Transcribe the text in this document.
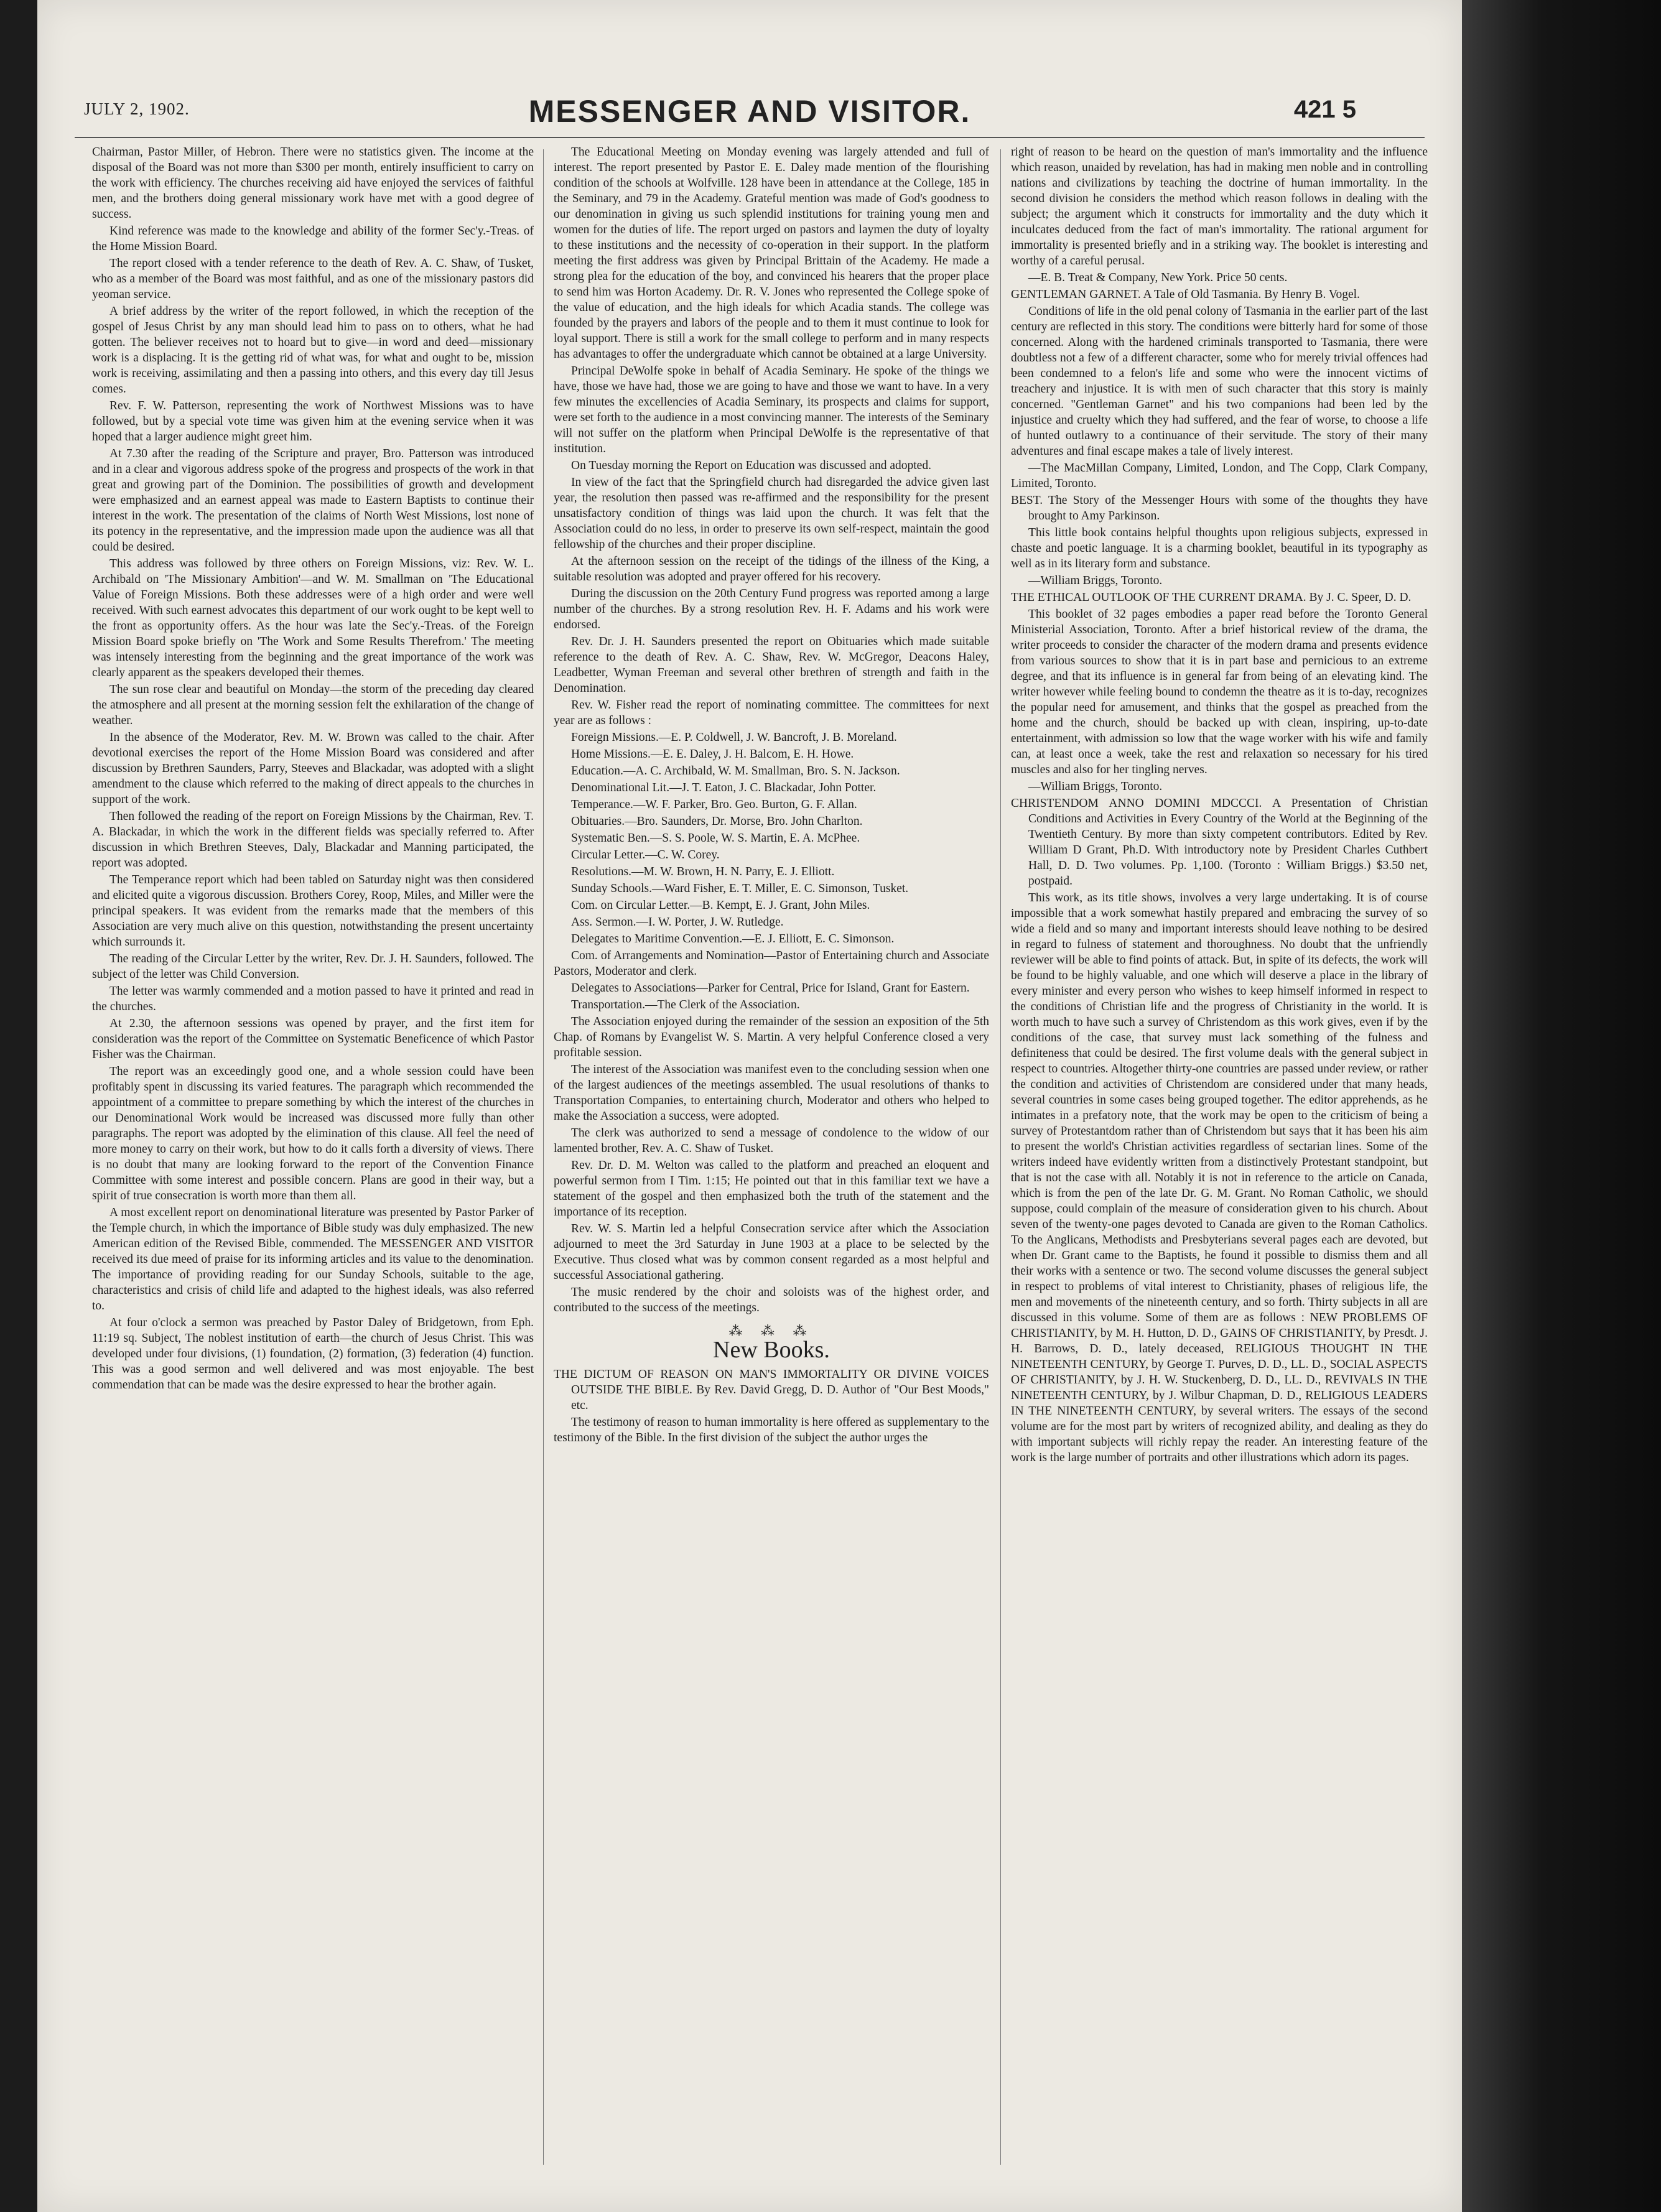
JULY 2, 1902.	MESSENGER AND VISITOR.	421 5

Chairman, Pastor Miller, of Hebron. There were no statistics given. The income at the disposal of the Board was not more than $300 per month, entirely insufficient to carry on the work with efficiency. The churches receiving aid have enjoyed the services of faithful men, and the brothers doing general missionary work have met with a good degree of success.

Kind reference was made to the knowledge and ability of the former Sec'y.-Treas. of the Home Mission Board.

The report closed with a tender reference to the death of Rev. A. C. Shaw, of Tusket, who as a member of the Board was most faithful, and as one of the missionary pastors did yeoman service.

A brief address by the writer of the report followed, in which the reception of the gospel of Jesus Christ by any man should lead him to pass on to others, what he had gotten. The believer receives not to hoard but to give—in word and deed—missionary work is a displacing. It is the getting rid of what was, for what and ought to be, mission work is receiving, assimilating and then a passing into others, and this every day till Jesus comes.

Rev. F. W. Patterson, representing the work of Northwest Missions was to have followed, but by a special vote time was given him at the evening service when it was hoped that a larger audience might greet him.

At 7.30 after the reading of the Scripture and prayer, Bro. Patterson was introduced and in a clear and vigorous address spoke of the progress and prospects of the work in that great and growing part of the Dominion. The possibilities of growth and development were emphasized and an earnest appeal was made to Eastern Baptists to continue their interest in the work. The presentation of the claims of North West Missions, lost none of its potency in the representative, and the impression made upon the audience was all that could be desired.

This address was followed by three others on Foreign Missions, viz: Rev. W. L. Archibald on 'The Missionary Ambition'—and W. M. Smallman on 'The Educational Value of Foreign Missions. Both these addresses were of a high order and were well received. With such earnest advocates this department of our work ought to be kept well to the front as opportunity offers. As the hour was late the Sec'y.-Treas. of the Foreign Mission Board spoke briefly on 'The Work and Some Results Therefrom.' The meeting was intensely interesting from the beginning and the great importance of the work was clearly apparent as the speakers developed their themes.

The sun rose clear and beautiful on Monday—the storm of the preceding day cleared the atmosphere and all present at the morning session felt the exhilaration of the change of weather.

In the absence of the Moderator, Rev. M. W. Brown was called to the chair. After devotional exercises the report of the Home Mission Board was considered and after discussion by Brethren Saunders, Parry, Steeves and Blackadar, was adopted with a slight amendment to the clause which referred to the making of direct appeals to the churches in support of the work.

Then followed the reading of the report on Foreign Missions by the Chairman, Rev. T. A. Blackadar, in which the work in the different fields was specially referred to. After discussion in which Brethren Steeves, Daly, Blackadar and Manning participated, the report was adopted.

The Temperance report which had been tabled on Saturday night was then considered and elicited quite a vigorous discussion. Brothers Corey, Roop, Miles, and Miller were the principal speakers. It was evident from the remarks made that the members of this Association are very much alive on this question, notwithstanding the present uncertainty which surrounds it.

The reading of the Circular Letter by the writer, Rev. Dr. J. H. Saunders, followed. The subject of the letter was Child Conversion.

The letter was warmly commended and a motion passed to have it printed and read in the churches.

At 2.30, the afternoon sessions was opened by prayer, and the first item for consideration was the report of the Committee on Systematic Beneficence of which Pastor Fisher was the Chairman.

The report was an exceedingly good one, and a whole session could have been profitably spent in discussing its varied features. The paragraph which recommended the appointment of a committee to prepare something by which the interest of the churches in our Denominational Work would be increased was discussed more fully than other paragraphs. The report was adopted by the elimination of this clause. All feel the need of more money to carry on their work, but how to do it calls forth a diversity of views. There is no doubt that many are looking forward to the report of the Convention Finance Committee with some interest and possible concern. Plans are good in their way, but a spirit of true consecration is worth more than them all.

A most excellent report on denominational literature was presented by Pastor Parker of the Temple church, in which the importance of Bible study was duly emphasized. The new American edition of the Revised Bible, commended. The MESSENGER AND VISITOR received its due meed of praise for its informing articles and its value to the denomination. The importance of providing reading for our Sunday Schools, suitable to the age, characteristics and crisis of child life and adapted to the highest ideals, was also referred to.

At four o'clock a sermon was preached by Pastor Daley of Bridgetown, from Eph. 11:19 sq. Subject, The noblest institution of earth—the church of Jesus Christ. This was developed under four divisions, (1) foundation, (2) formation, (3) federation (4) function. This was a good sermon and well delivered and was most enjoyable. The best commendation that can be made was the desire expressed to hear the brother again.

The Educational Meeting on Monday evening was largely attended and full of interest. The report presented by Pastor E. E. Daley made mention of the flourishing condition of the schools at Wolfville. 128 have been in attendance at the College, 185 in the Seminary, and 79 in the Academy. Grateful mention was made of God's goodness to our denomination in giving us such splendid institutions for training young men and women for the duties of life. The report urged on pastors and laymen the duty of loyalty to these institutions and the necessity of co-operation in their support. In the platform meeting the first address was given by Principal Brittain of the Academy. He made a strong plea for the education of the boy, and convinced his hearers that the proper place to send him was Horton Academy. Dr. R. V. Jones who represented the College spoke of the value of education, and the high ideals for which Acadia stands. The college was founded by the prayers and labors of the people and to them it must continue to look for loyal support. There is still a work for the small college to perform and in many respects has advantages to offer the undergraduate which cannot be obtained at a large University.

Principal DeWolfe spoke in behalf of Acadia Seminary. He spoke of the things we have, those we have had, those we are going to have and those we want to have. In a very few minutes the excellencies of Acadia Seminary, its prospects and claims for support, were set forth to the audience in a most convincing manner. The interests of the Seminary will not suffer on the platform when Principal DeWolfe is the representative of that institution.

On Tuesday morning the Report on Education was discussed and adopted.

In view of the fact that the Springfield church had disregarded the advice given last year, the resolution then passed was re-affirmed and the responsibility for the present unsatisfactory condition of things was laid upon the church. It was felt that the Association could do no less, in order to preserve its own self-respect, maintain the good fellowship of the churches and their proper discipline.

At the afternoon session on the receipt of the tidings of the illness of the King, a suitable resolution was adopted and prayer offered for his recovery.

During the discussion on the 20th Century Fund progress was reported among a large number of the churches. By a strong resolution Rev. H. F. Adams and his work were endorsed.

Rev. Dr. J. H. Saunders presented the report on Obituaries which made suitable reference to the death of Rev. A. C. Shaw, Rev. W. McGregor, Deacons Haley, Leadbetter, Wyman Freeman and several other brethren of strength and faith in the Denomination.

Rev. W. Fisher read the report of nominating committee. The committees for next year are as follows :

Foreign Missions.—E. P. Coldwell, J. W. Bancroft, J. B. Moreland.

Home Missions.—E. E. Daley, J. H. Balcom, E. H. Howe.

Education.—A. C. Archibald, W. M. Smallman, Bro. S. N. Jackson.

Denominational Lit.—J. T. Eaton, J. C. Blackadar, John Potter.

Temperance.—W. F. Parker, Bro. Geo. Burton, G. F. Allan.

Obituaries.—Bro. Saunders, Dr. Morse, Bro. John Charlton.

Systematic Ben.—S. S. Poole, W. S. Martin, E. A. McPhee.

Circular Letter.—C. W. Corey.

Resolutions.—M. W. Brown, H. N. Parry, E. J. Elliott.

Sunday Schools.—Ward Fisher, E. T. Miller, E. C. Simonson, Tusket.

Com. on Circular Letter.—B. Kempt, E. J. Grant, John Miles.

Ass. Sermon.—I. W. Porter, J. W. Rutledge.

Delegates to Maritime Convention.—E. J. Elliott, E. C. Simonson.

Com. of Arrangements and Nomination—Pastor of Entertaining church and Associate Pastors, Moderator and clerk.

Delegates to Associations—Parker for Central, Price for Island, Grant for Eastern.

Transportation.—The Clerk of the Association.

The Association enjoyed during the remainder of the session an exposition of the 5th Chap. of Romans by Evangelist W. S. Martin. A very helpful Conference closed a very profitable session.

The interest of the Association was manifest even to the concluding session when one of the largest audiences of the meetings assembled. The usual resolutions of thanks to Transportation Companies, to entertaining church, Moderator and others who helped to make the Association a success, were adopted.

The clerk was authorized to send a message of condolence to the widow of our lamented brother, Rev. A. C. Shaw of Tusket.

Rev. Dr. D. M. Welton was called to the platform and preached an eloquent and powerful sermon from I Tim. 1:15; He pointed out that in this familiar text we have a statement of the gospel and then emphasized both the truth of the statement and the importance of its reception.

Rev. W. S. Martin led a helpful Consecration service after which the Association adjourned to meet the 3rd Saturday in June 1903 at a place to be selected by the Executive. Thus closed what was by common consent regarded as a most helpful and successful Associational gathering.

The music rendered by the choir and soloists was of the highest order, and contributed to the success of the meetings.

⁂ ⁂ ⁂
New Books.

THE DICTUM OF REASON ON MAN'S IMMORTALITY OR DIVINE VOICES OUTSIDE THE BIBLE. By Rev. David Gregg, D. D. Author of "Our Best Moods," etc.

The testimony of reason to human immortality is here offered as supplementary to the testimony of the Bible. In the first division of the subject the author urges the

right of reason to be heard on the question of man's immortality and the influence which reason, unaided by revelation, has had in making men noble and in controlling nations and civilizations by teaching the doctrine of human immortality. In the second division he considers the method which reason follows in dealing with the subject; the argument which it constructs for immortality and the duty which it inculcates deduced from the fact of man's immortality. The rational argument for immortality is presented briefly and in a striking way. The booklet is interesting and worthy of a careful perusal.

—E. B. Treat & Company, New York. Price 50 cents.

GENTLEMAN GARNET. A Tale of Old Tasmania. By Henry B. Vogel.

Conditions of life in the old penal colony of Tasmania in the earlier part of the last century are reflected in this story. The conditions were bitterly hard for some of those concerned. Along with the hardened criminals transported to Tasmania, there were doubtless not a few of a different character, some who for merely trivial offences had been condemned to a felon's life and some who were the innocent victims of treachery and injustice. It is with men of such character that this story is mainly concerned. "Gentleman Garnet" and his two companions had been led by the injustice and cruelty which they had suffered, and the fear of worse, to choose a life of hunted outlawry to a continuance of their servitude. The story of their many adventures and final escape makes a tale of lively interest.

—The MacMillan Company, Limited, London, and The Copp, Clark Company, Limited, Toronto.

BEST. The Story of the Messenger Hours with some of the thoughts they have brought to Amy Parkinson.

This little book contains helpful thoughts upon religious subjects, expressed in chaste and poetic language. It is a charming booklet, beautiful in its typography as well as in its literary form and substance.

—William Briggs, Toronto.

THE ETHICAL OUTLOOK OF THE CURRENT DRAMA. By J. C. Speer, D. D.

This booklet of 32 pages embodies a paper read before the Toronto General Ministerial Association, Toronto. After a brief historical review of the drama, the writer proceeds to consider the character of the modern drama and presents evidence from various sources to show that it is in part base and pernicious to an extreme degree, and that its influence is in general far from being of an elevating kind. The writer however while feeling bound to condemn the theatre as it is to-day, recognizes the popular need for amusement, and thinks that the gospel as preached from the home and the church, should be backed up with clean, inspiring, up-to-date entertainment, with admission so low that the wage worker with his wife and family can, at least once a week, take the rest and relaxation so necessary for his tired muscles and also for her tingling nerves.

—William Briggs, Toronto.

CHRISTENDOM ANNO DOMINI MDCCCI. A Presentation of Christian Conditions and Activities in Every Country of the World at the Beginning of the Twentieth Century. By more than sixty competent contributors. Edited by Rev. William D Grant, Ph.D. With introductory note by President Charles Cuthbert Hall, D. D. Two volumes. Pp. 1,100. (Toronto : William Briggs.) $3.50 net, postpaid.

This work, as its title shows, involves a very large undertaking. It is of course impossible that a work somewhat hastily prepared and embracing the survey of so wide a field and so many and important interests should leave nothing to be desired in regard to fulness of statement and thoroughness. No doubt that the unfriendly reviewer will be able to find points of attack. But, in spite of its defects, the work will be found to be highly valuable, and one which will deserve a place in the library of every minister and every person who wishes to keep himself informed in respect to the conditions of Christian life and the progress of Christianity in the world. It is worth much to have such a survey of Christendom as this work gives, even if by the conditions of the case, that survey must lack something of the fulness and definiteness that could be desired. The first volume deals with the general subject in respect to countries. Altogether thirty-one countries are passed under review, or rather the condition and activities of Christendom are considered under that many heads, several countries in some cases being grouped together. The editor apprehends, as he intimates in a prefatory note, that the work may be open to the criticism of being a survey of Protestantdom rather than of Christendom but says that it has been his aim to present the world's Christian activities regardless of sectarian lines. Some of the writers indeed have evidently written from a distinctively Protestant standpoint, but that is not the case with all. Notably it is not in reference to the article on Canada, which is from the pen of the late Dr. G. M. Grant. No Roman Catholic, we should suppose, could complain of the measure of consideration given to his church. About seven of the twenty-one pages devoted to Canada are given to the Roman Catholics. To the Anglicans, Methodists and Presbyterians several pages each are devoted, but when Dr. Grant came to the Baptists, he found it possible to dismiss them and all their works with a sentence or two. The second volume discusses the general subject in respect to problems of vital interest to Christianity, phases of religious life, the men and movements of the nineteenth century, and so forth. Thirty subjects in all are discussed in this volume. Some of them are as follows : NEW PROBLEMS OF CHRISTIANITY, by M. H. Hutton, D. D., GAINS OF CHRISTIANITY, by Presdt. J. H. Barrows, D. D., lately deceased, RELIGIOUS THOUGHT IN THE NINETEENTH CENTURY, by George T. Purves, D. D., LL. D., SOCIAL ASPECTS OF CHRISTIANITY, by J. H. W. Stuckenberg, D. D., LL. D., REVIVALS IN THE NINETEENTH CENTURY, by J. Wilbur Chapman, D. D., RELIGIOUS LEADERS IN THE NINETEENTH CENTURY, by several writers. The essays of the second volume are for the most part by writers of recognized ability, and dealing as they do with important subjects will richly repay the reader. An interesting feature of the work is the large number of portraits and other illustrations which adorn its pages.
